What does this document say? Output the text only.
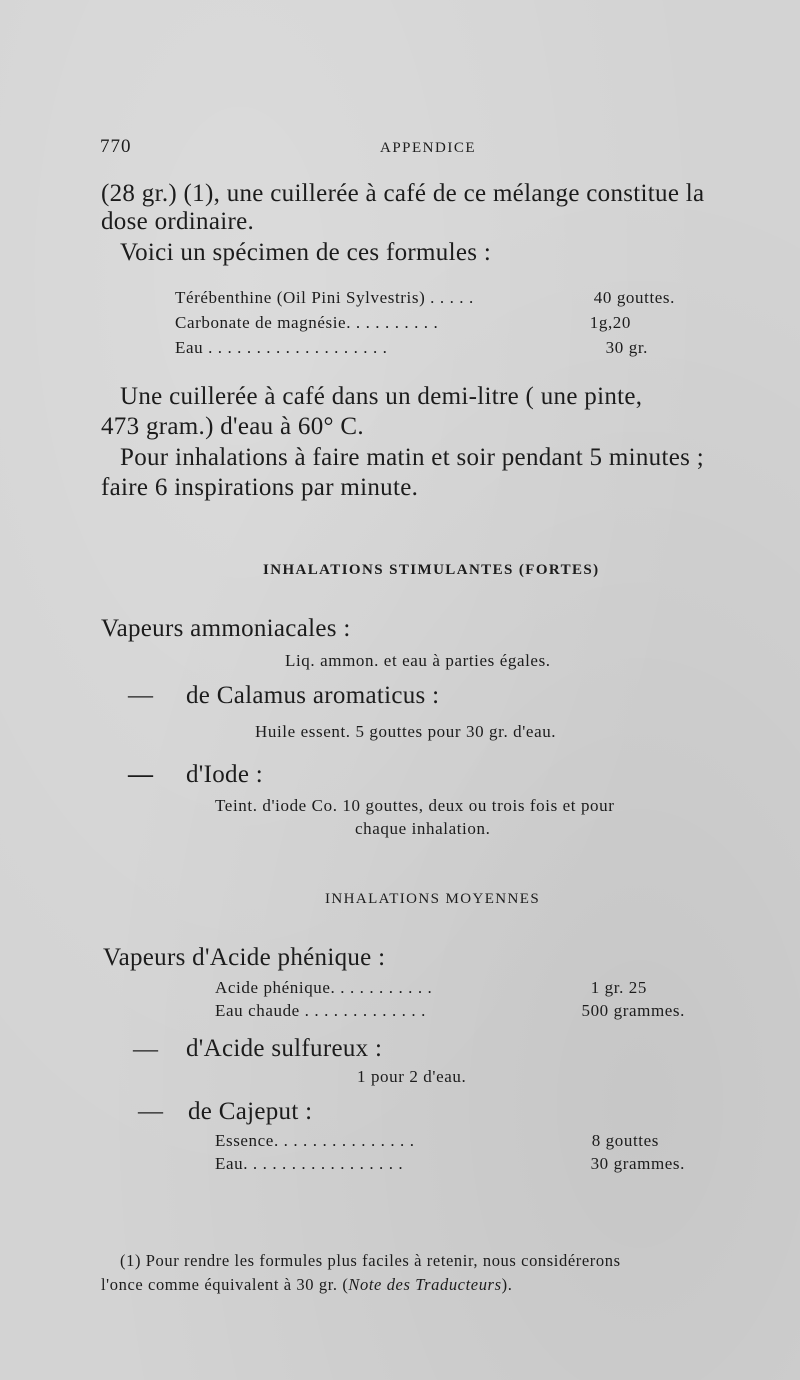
770	APPENDICE
(28 gr.) (1), une cuillerée à café de ce mélange constitue la
dose ordinaire.
Voici un spécimen de ces formules :
Térébenthine (Oil Pini Sylvestris) . . . . .	40 gouttes.
Carbonate de magnésie. . . . . . . . . .	1g,20
Eau . . . . . . . . . . . . . . . . . . .	30 gr.
Une cuillerée à café dans un demi-litre ( une pinte,
473 gram.) d'eau à 60° C.
Pour inhalations à faire matin et soir pendant 5 minutes ;
faire 6 inspirations par minute.
INHALATIONS STIMULANTES (FORTES)
Vapeurs ammoniacales :
Liq. ammon. et eau à parties égales.
— de Calamus aromaticus :
Huile essent. 5 gouttes pour 30 gr. d'eau.
— d'Iode :
Teint. d'iode Co. 10 gouttes, deux ou trois fois et pour
chaque inhalation.
INHALATIONS MOYENNES
Vapeurs d'Acide phénique :
Acide phénique. . . . . . . . . . .	1 gr. 25
Eau chaude . . . . . . . . . . . . .	500 grammes.
— d'Acide sulfureux :
1 pour 2 d'eau.
— de Cajeput :
Essence. . . . . . . . . . . . . . .	8 gouttes
Eau. . . . . . . . . . . . . . . . .	30 grammes.
(1) Pour rendre les formules plus faciles à retenir, nous considérerons
l'once comme équivalent à 30 gr. (Note des Traducteurs).
